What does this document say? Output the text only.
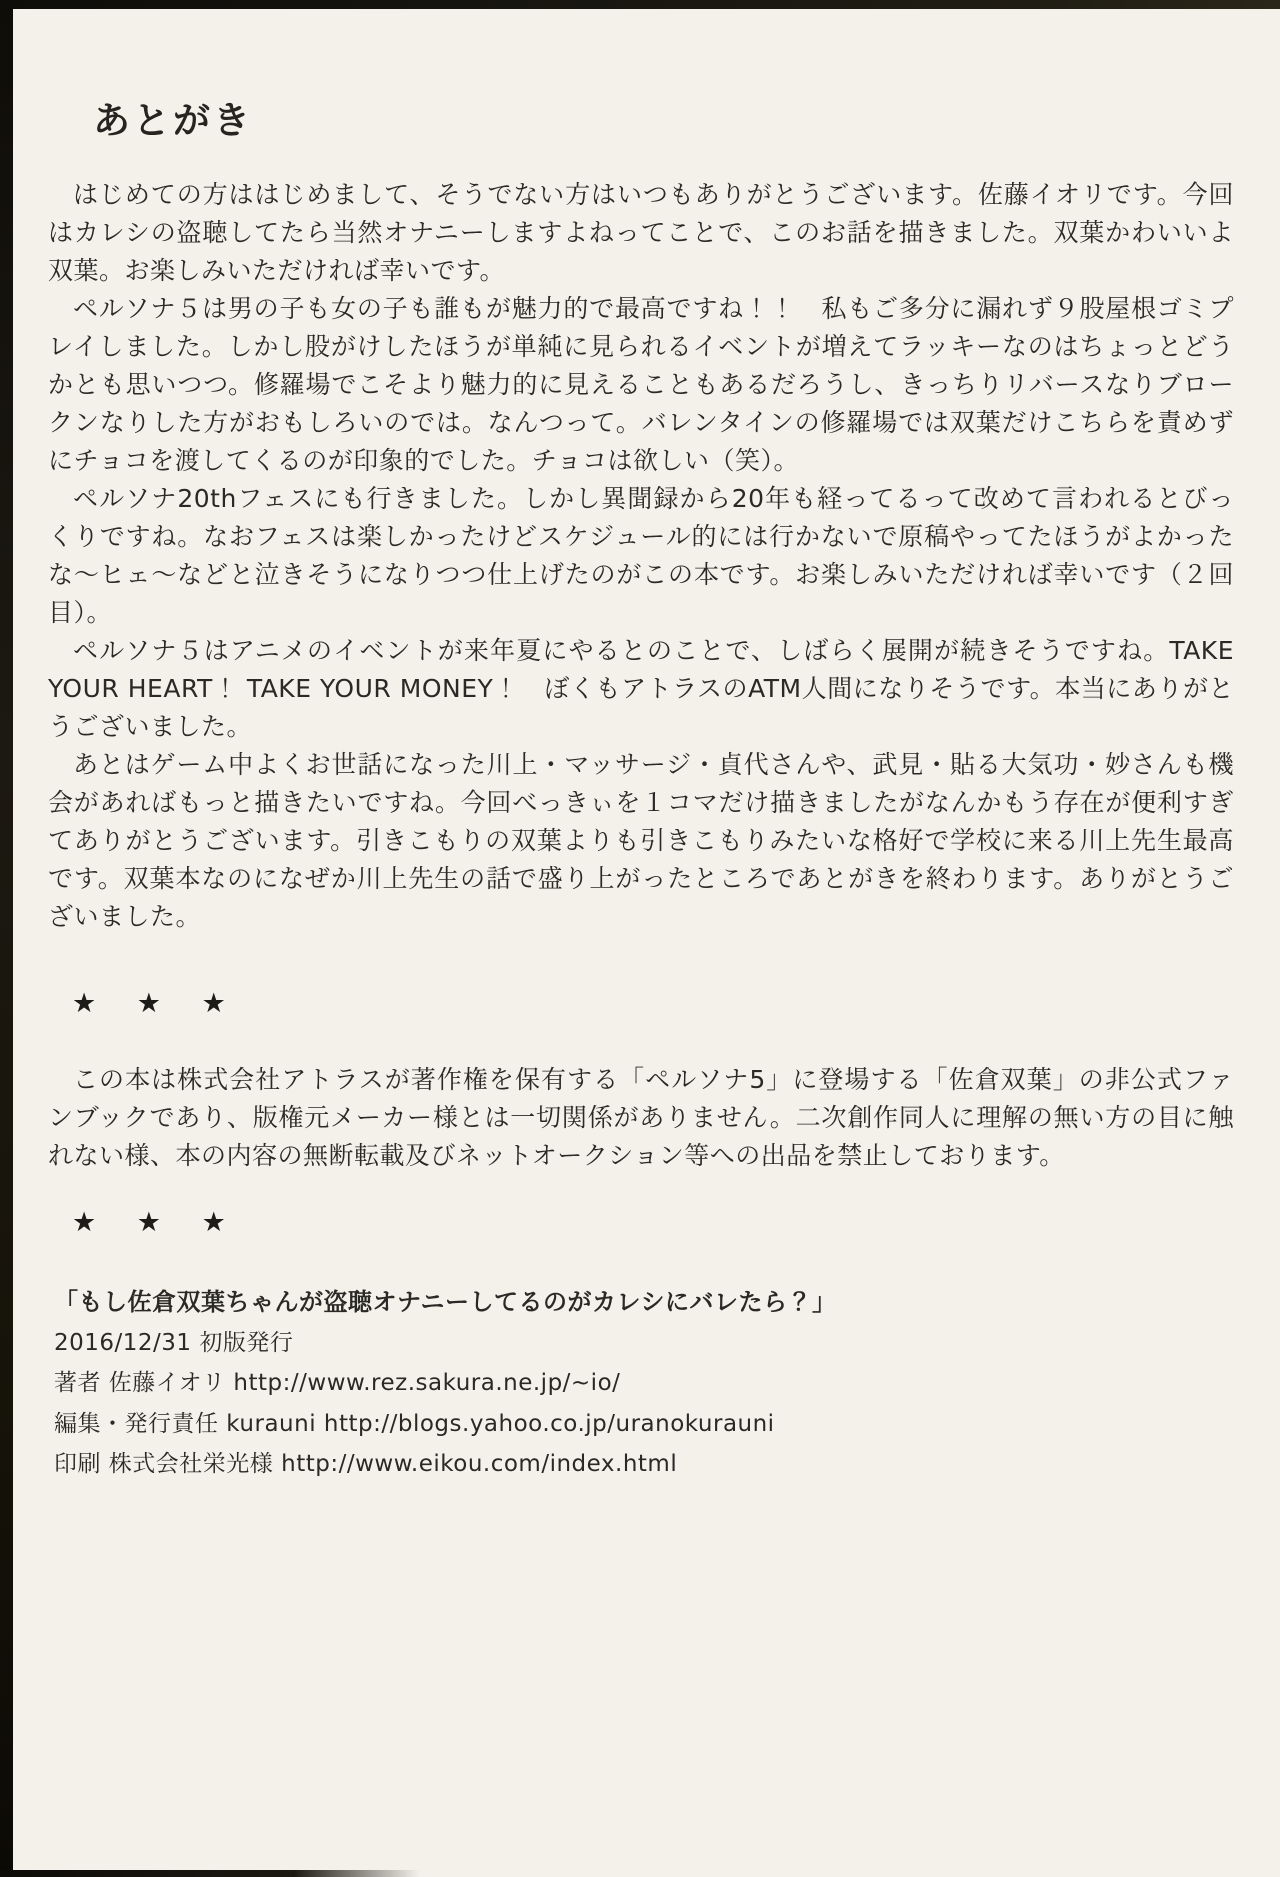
あとがき

はじめての方ははじめまして、そうでない方はいつもありがとうございます。佐藤イオリです。今回はカレシの盗聴してたら当然オナニーしますよねってことで、このお話を描きました。双葉かわいいよ双葉。お楽しみいただければ幸いです。

ペルソナ５は男の子も女の子も誰もが魅力的で最高ですね！！　私もご多分に漏れず９股屋根ゴミプレイしました。しかし股がけしたほうが単純に見られるイベントが増えてラッキーなのはちょっとどうかとも思いつつ。修羅場でこそより魅力的に見えることもあるだろうし、きっちりリバースなりブロークンなりした方がおもしろいのでは。なんつって。バレンタインの修羅場では双葉だけこちらを責めずにチョコを渡してくるのが印象的でした。チョコは欲しい（笑）。

ペルソナ20thフェスにも行きました。しかし異聞録から20年も経ってるって改めて言われるとびっくりですね。なおフェスは楽しかったけどスケジュール的には行かないで原稿やってたほうがよかったな〜ヒェ〜などと泣きそうになりつつ仕上げたのがこの本です。お楽しみいただければ幸いです（２回目）。

ペルソナ５はアニメのイベントが来年夏にやるとのことで、しばらく展開が続きそうですね。TAKE YOUR HEART！ TAKE YOUR MONEY！　ぼくもアトラスのATM人間になりそうです。本当にありがとうございました。

あとはゲーム中よくお世話になった川上・マッサージ・貞代さんや、武見・貼る大気功・妙さんも機会があればもっと描きたいですね。今回べっきぃを１コマだけ描きましたがなんかもう存在が便利すぎてありがとうございます。引きこもりの双葉よりも引きこもりみたいな格好で学校に来る川上先生最高です。双葉本なのになぜか川上先生の話で盛り上がったところであとがきを終わります。ありがとうございました。

★ ★ ★

この本は株式会社アトラスが著作権を保有する「ペルソナ5」に登場する「佐倉双葉」の非公式ファンブックであり、版権元メーカー様とは一切関係がありません。二次創作同人に理解の無い方の目に触れない様、本の内容の無断転載及びネットオークション等への出品を禁止しております。

★ ★ ★
「もし佐倉双葉ちゃんが盗聴オナニーしてるのがカレシにバレたら？」
2016/12/31 初版発行
著者 佐藤イオリ http://www.rez.sakura.ne.jp/~io/
編集・発行責任 kurauni http://blogs.yahoo.co.jp/uranokurauni
印刷 株式会社栄光様 http://www.eikou.com/index.html
